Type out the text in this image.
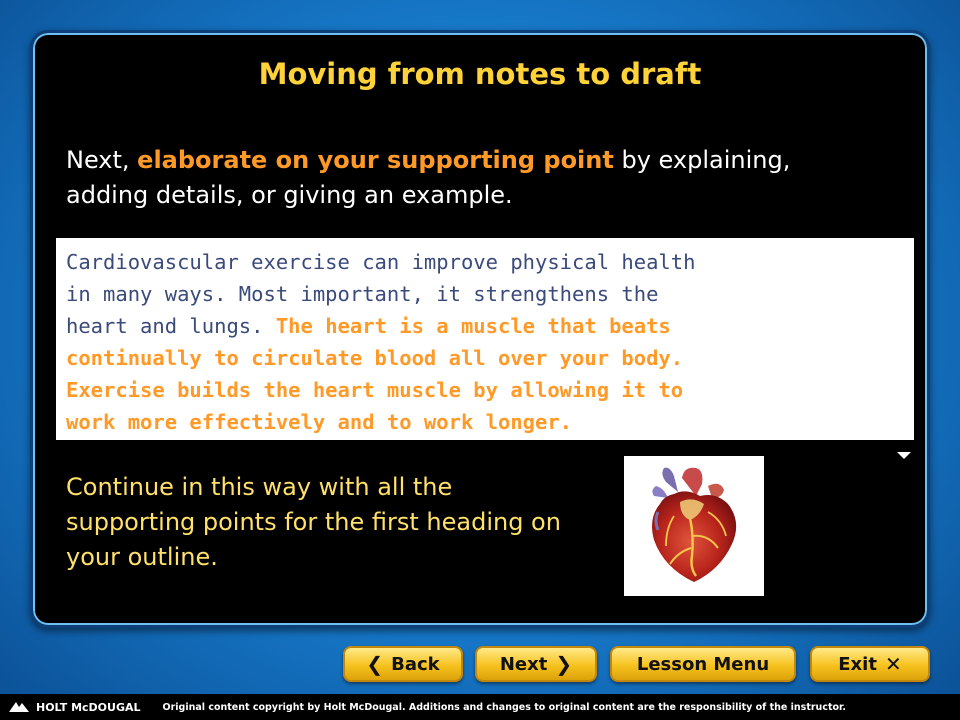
Moving from notes to draft
Next, elaborate on your supporting point by explaining, adding details, or giving an example.
Cardiovascular exercise can improve physical health
in many ways. Most important, it strengthens the
heart and lungs. The heart is a muscle that beats
continually to circulate blood all over your body.
Exercise builds the heart muscle by allowing it to
work more effectively and to work longer.
Continue in this way with all the supporting points for the first heading on your outline.
❮ Back	Next ❯	Lesson Menu	Exit ✕
HOLT McDOUGAL Original content copyright by Holt McDougal. Additions and changes to original content are the responsibility of the instructor.
